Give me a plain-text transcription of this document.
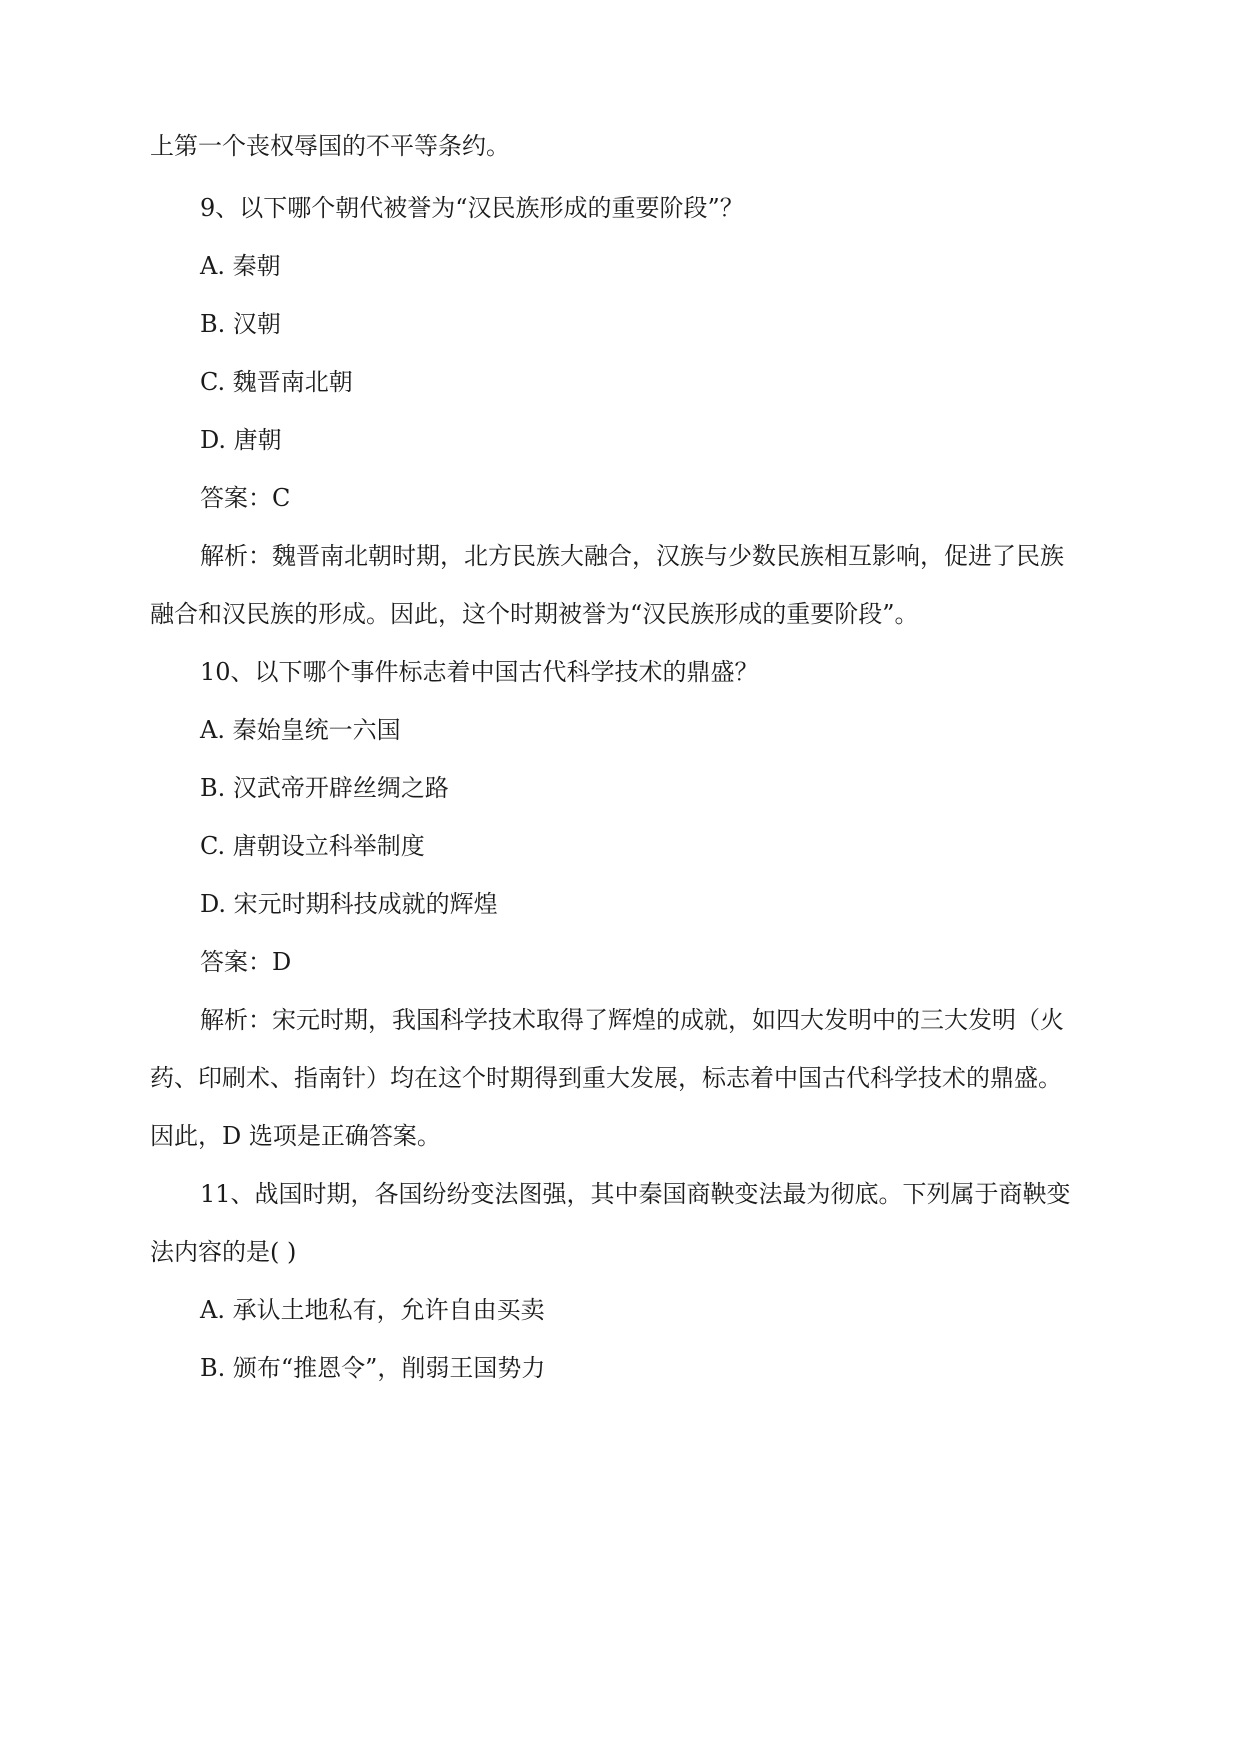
上第一个丧权辱国的不平等条约。
9、以下哪个朝代被誉为“汉民族形成的重要阶段”？
A. 秦朝
B. 汉朝
C. 魏晋南北朝
D. 唐朝
答案：C
解析：魏晋南北朝时期，北方民族大融合，汉族与少数民族相互影响，促进了民族
融合和汉民族的形成。因此，这个时期被誉为“汉民族形成的重要阶段”。
10、以下哪个事件标志着中国古代科学技术的鼎盛？
A. 秦始皇统一六国
B. 汉武帝开辟丝绸之路
C. 唐朝设立科举制度
D. 宋元时期科技成就的辉煌
答案：D
解析：宋元时期，我国科学技术取得了辉煌的成就，如四大发明中的三大发明（火
药、印刷术、指南针）均在这个时期得到重大发展，标志着中国古代科学技术的鼎盛。
因此，D 选项是正确答案。
11、战国时期，各国纷纷变法图强，其中秦国商鞅变法最为彻底。下列属于商鞅变
法内容的是( )
A. 承认土地私有，允许自由买卖
B. 颁布“推恩令”，削弱王国势力
